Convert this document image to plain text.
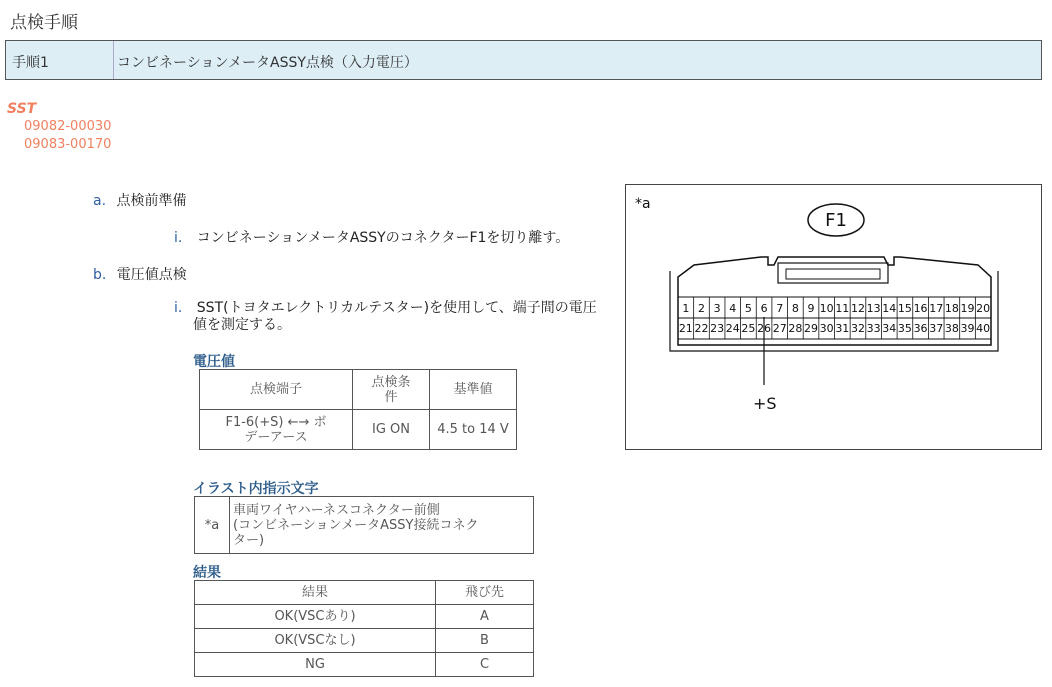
点検手順
手順1	コンビネーションメータASSY点検（入力電圧）
SST
09082-00030
09083-00170
a. 点検前準備
i. コンビネーションメータASSYのコネクターF1を切り離す。
b. 電圧値点検
i. SST(トヨタエレクトリカルテスター)を使用して、端子間の電圧
値を測定する。
電圧値
点検端子	点検条
件	基準値
F1-6(+S) ←→ ボ
デーアース	IG ON	4.5 to 14 V
イラスト内指示文字
*a	車両ワイヤハーネスコネクター前側
(コンビネーションメータASSY接続コネク
ター)
結果
結果	飛び先
OK(VSCあり)	A
OK(VSCなし)	B
NG	C
*a
F1
+S
1 2 3 4 5 6 7 8 9 10 11 12 13 14 15 16 17 18 19 20
21 22 23 24 25 26 27 28 29 30 31 32 33 34 35 36 37 38 39 40
